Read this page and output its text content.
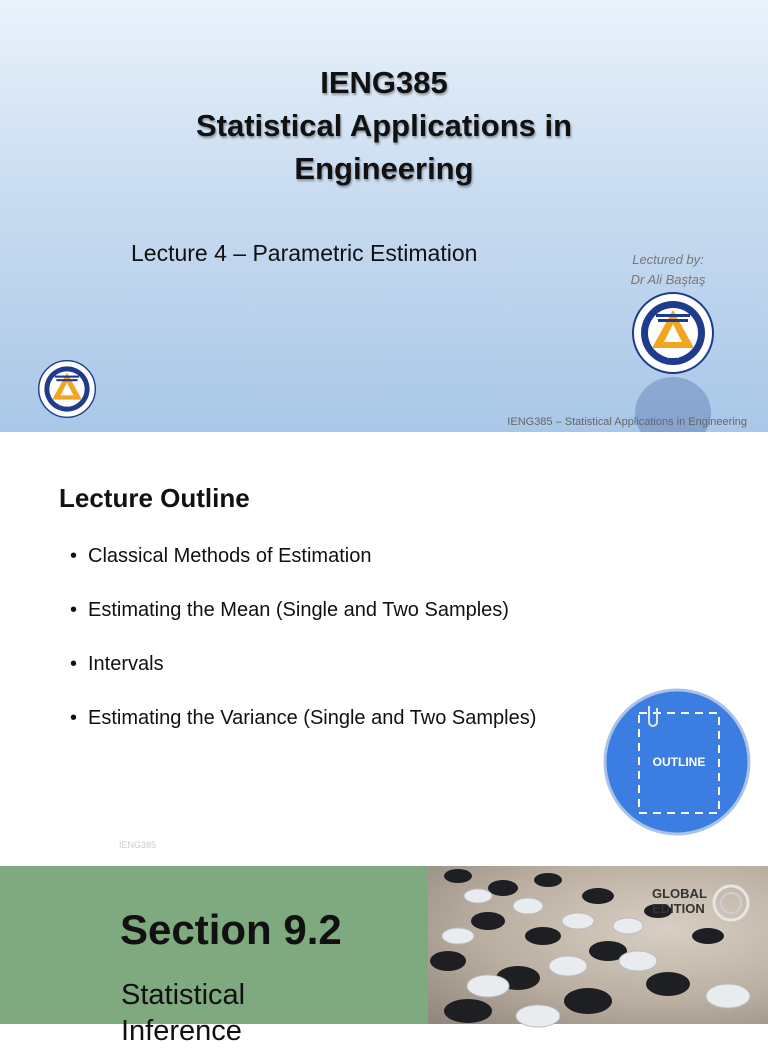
IENG385
Statistical Applications in
Engineering
Lecture 4 – Parametric Estimation	Lectured by:
Dr Ali Baştaş
1979
IENG385 – Statistical Applications in Engineering
Lecture Outline
• Classical Methods of Estimation
• Estimating the Mean (Single and Two Samples)
• Intervals
• Estimating the Variance (Single and Two Samples)
OUTLINE
IENG385
Section 9.2
Statistical
Inference
GLOBAL
EDITION
